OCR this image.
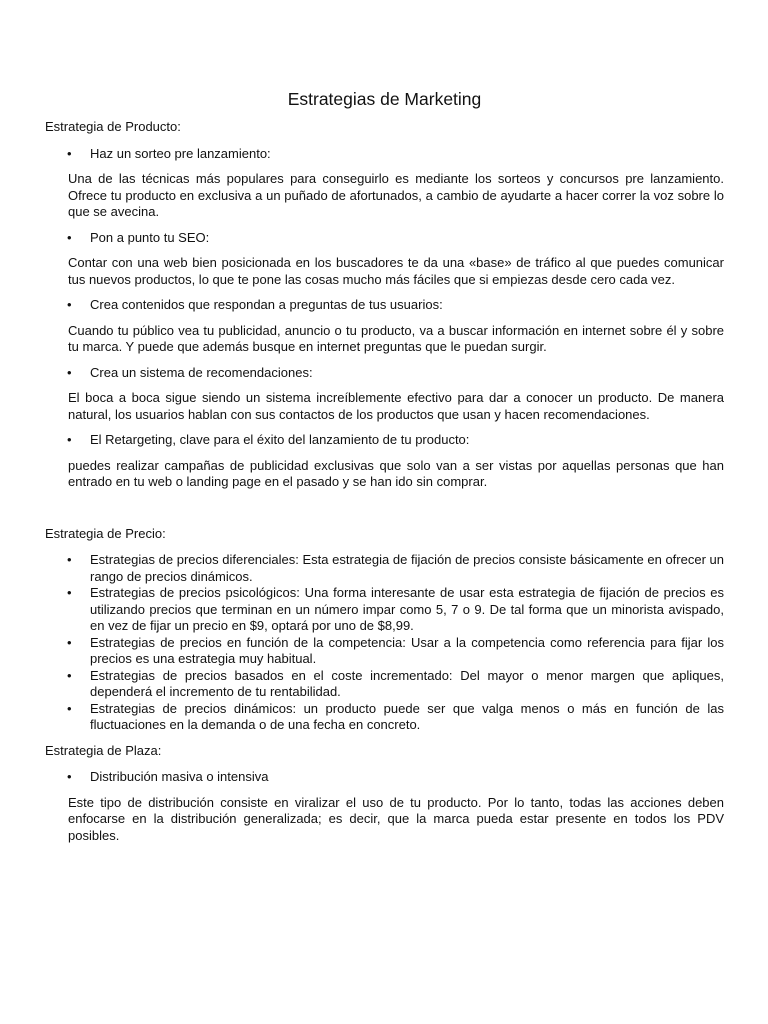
Estrategias de Marketing

Estrategia de Producto:

• Haz un sorteo pre lanzamiento:

Una de las técnicas más populares para conseguirlo es mediante los sorteos y concursos pre lanzamiento. Ofrece tu producto en exclusiva a un puñado de afortunados, a cambio de ayudarte a hacer correr la voz sobre lo que se avecina.

• Pon a punto tu SEO:

Contar con una web bien posicionada en los buscadores te da una «base» de tráfico al que puedes comunicar tus nuevos productos, lo que te pone las cosas mucho más fáciles que si empiezas desde cero cada vez.

• Crea contenidos que respondan a preguntas de tus usuarios:

Cuando tu público vea tu publicidad, anuncio o tu producto, va a buscar información en internet sobre él y sobre tu marca. Y puede que además busque en internet preguntas que le puedan surgir.

• Crea un sistema de recomendaciones:

El boca a boca sigue siendo un sistema increíblemente efectivo para dar a conocer un producto. De manera natural, los usuarios hablan con sus contactos de los productos que usan y hacen recomendaciones.

• El Retargeting, clave para el éxito del lanzamiento de tu producto:

puedes realizar campañas de publicidad exclusivas que solo van a ser vistas por aquellas personas que han entrado en tu web o landing page en el pasado y se han ido sin comprar.

Estrategia de Precio:

• Estrategias de precios diferenciales: Esta estrategia de fijación de precios consiste básicamente en ofrecer un rango de precios dinámicos.

• Estrategias de precios psicológicos: Una forma interesante de usar esta estrategia de fijación de precios es utilizando precios que terminan en un número impar como 5, 7 o 9. De tal forma que un minorista avispado, en vez de fijar un precio en $9, optará por uno de $8,99.

• Estrategias de precios en función de la competencia: Usar a la competencia como referencia para fijar los precios es una estrategia muy habitual.

• Estrategias de precios basados en el coste incrementado: Del mayor o menor margen que apliques, dependerá el incremento de tu rentabilidad.

• Estrategias de precios dinámicos: un producto puede ser que valga menos o más en función de las fluctuaciones en la demanda o de una fecha en concreto.

Estrategia de Plaza:

• Distribución masiva o intensiva

Este tipo de distribución consiste en viralizar el uso de tu producto. Por lo tanto, todas las acciones deben enfocarse en la distribución generalizada; es decir, que la marca pueda estar presente en todos los PDV posibles.
